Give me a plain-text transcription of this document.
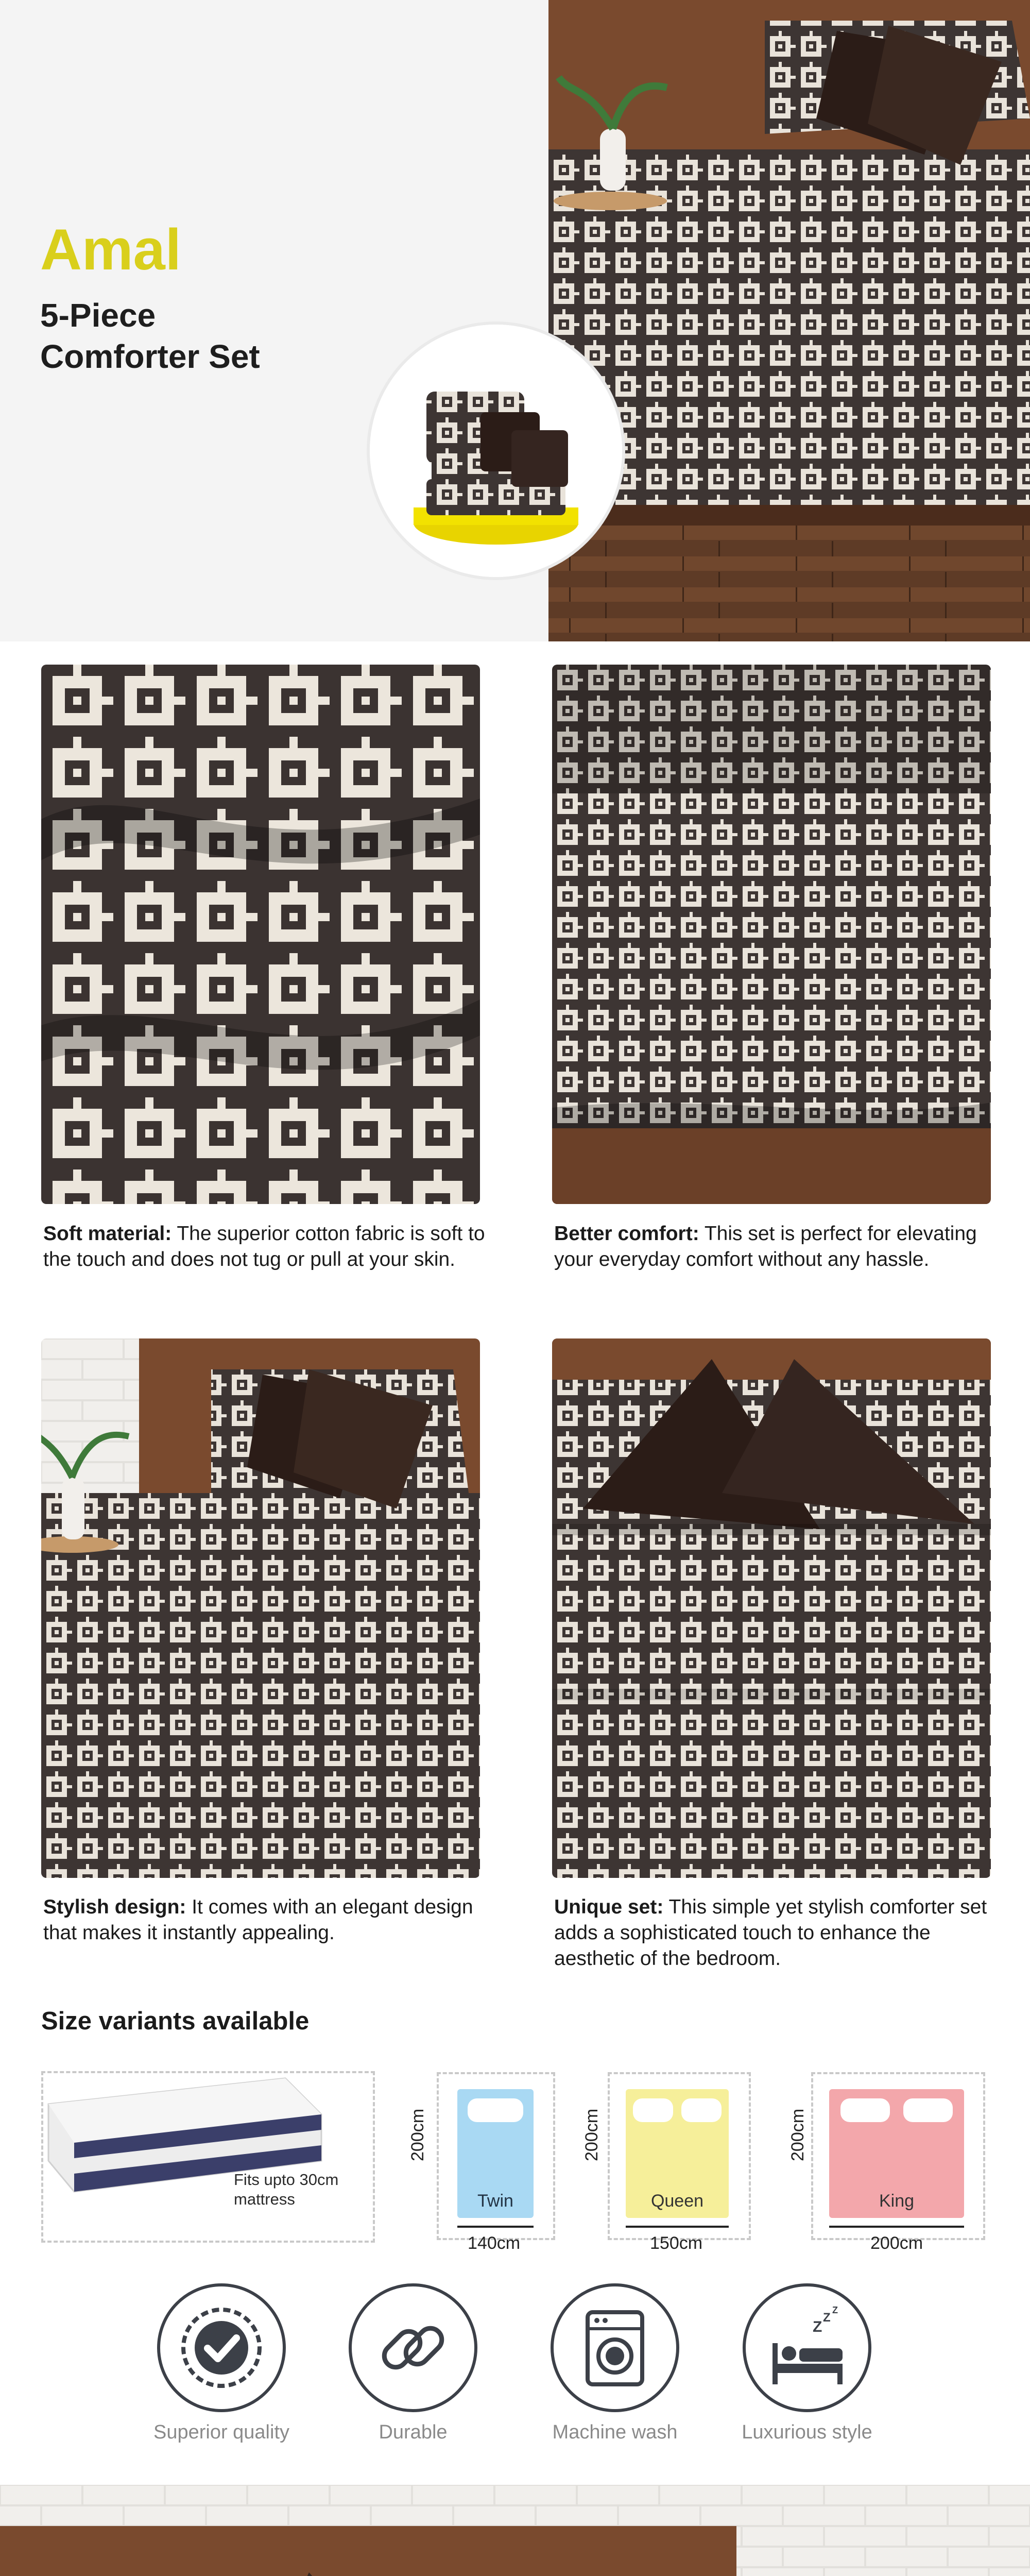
Amal
5-Piece
Comforter Set
Soft material: The superior cotton fabric is soft to the touch and does not tug or pull at your skin.
Better comfort: This set is perfect for elevating your everyday comfort without any hassle.
Stylish design: It comes with an elegant design that makes it instantly appealing.
Unique set: This simple yet stylish comforter set adds a sophisticated touch to enhance the aesthetic of the bedroom.
Size variants available
Fits upto 30cm mattress	Twin
200cm
140cm
Queen
200cm
150cm
King
200cm
200cm
Z
Z
Z
Superior quality	Durable	Machine wash	Luxurious style
